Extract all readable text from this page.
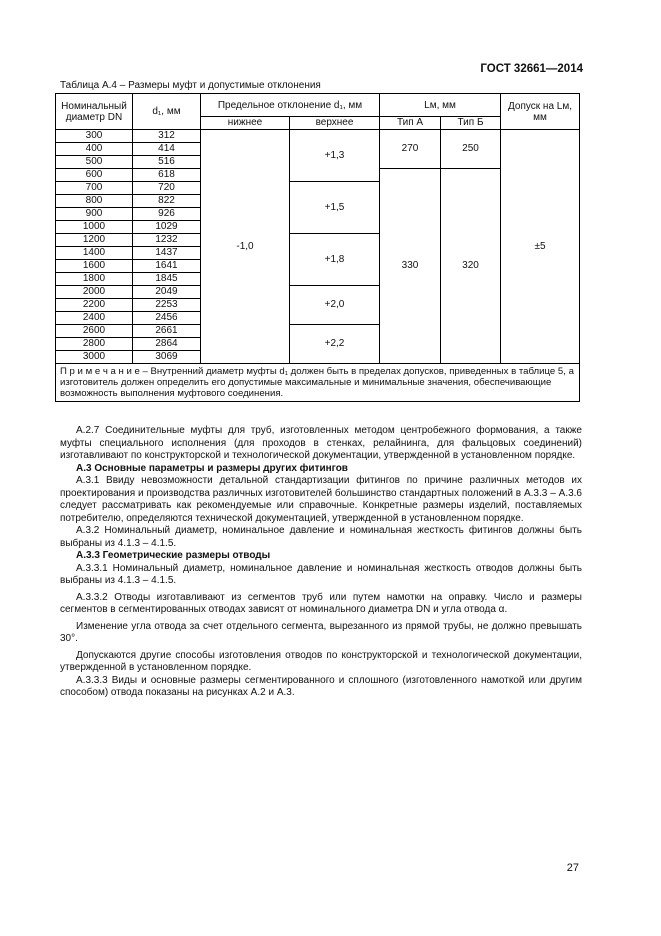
ГОСТ 32661—2014
Таблица А.4 – Размеры муфт и допустимые отклонения
Номинальный диаметр DN	d₁, мм	Предельное отклонение d₁, мм		Lм, мм		Допуск на Lм, мм
		нижнее	верхнее	Тип А	Тип Б	
300	312	-1,0	+1,3	270	250	±5
400	414					
500	516					
600	618			330	320	
700	720		+1,5			
800	822					
900	926					
1000	1029					
1200	1232		+1,8			
1400	1437					
1600	1641					
1800	1845					
2000	2049		+2,0			
2200	2253					
2400	2456					
2600	2661		+2,2			
2800	2864					
3000	3069					
П р и м е ч а н и е – Внутренний диаметр муфты d₁ должен быть в пределах допусков, приведенных в таблице 5, а изготовитель должен определить его допустимые максимальные и минимальные значения, обеспечивающие возможность выполнения муфтового соединения.						

А.2.7 Соединительные муфты для труб, изготовленных методом центробежного формования, а также муфты специального исполнения (для проходов в стенках, релайнинга, для фальцовых соединений) изготавливают по конструкторской и технологической документации, утвержденной в установленном порядке.

А.3 Основные параметры и размеры других фитингов

А.3.1 Ввиду невозможности детальной стандартизации фитингов по причине различных методов их проектирования и производства различных изготовителей большинство стандартных положений в А.3.3 – А.3.6 следует рассматривать как рекомендуемые или справочные. Конкретные размеры изделий, поставляемых потребителю, определяются технической документацией, утвержденной в установленном порядке.

А.3.2 Номинальный диаметр, номинальное давление и номинальная жесткость фитингов должны быть выбраны из 4.1.3 – 4.1.5.

А.3.3 Геометрические размеры отводы

А.3.3.1 Номинальный диаметр, номинальное давление и номинальная жесткость отводов должны быть выбраны из 4.1.3 – 4.1.5.

А.3.3.2 Отводы изготавливают из сегментов труб или путем намотки на оправку. Число и размеры сегментов в сегментированных отводах зависят от номинального диаметра DN и угла отвода α.

Изменение угла отвода за счет отдельного сегмента, вырезанного из прямой трубы, не должно превышать 30°.

Допускаются другие способы изготовления отводов по конструкторской и технологической документации, утвержденной в установленном порядке.

А.3.3.3 Виды и основные размеры сегментированного и сплошного (изготовленного намоткой или другим способом) отвода показаны на рисунках А.2 и А.3.

27
